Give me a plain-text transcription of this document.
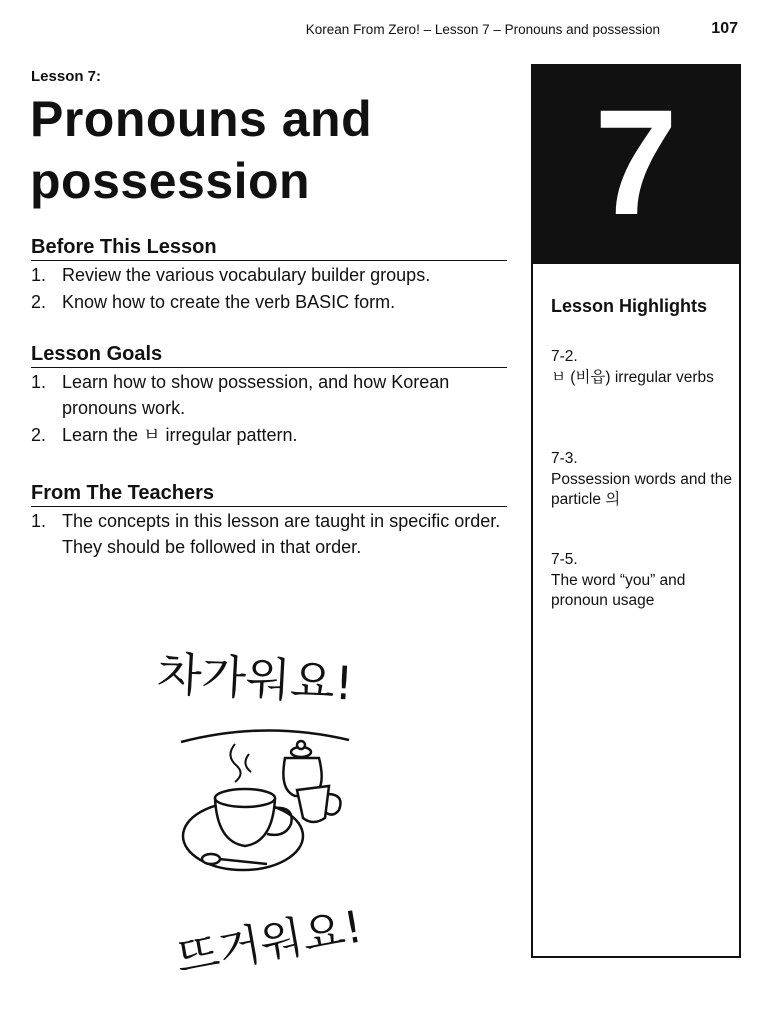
Korean From Zero! – Lesson 7 – Pronouns and possession	107
Lesson 7:
Pronouns and
possession
Before This Lesson
1. Review the various vocabulary builder groups.
2. Know how to create the verb BASIC form.
Lesson Goals
1. Learn how to show possession, and how Korean pronouns work.
2. Learn the ㅂ irregular pattern.
From The Teachers
1. The concepts in this lesson are taught in specific order. They should be followed in that order.
7
Lesson Highlights
7-2.
ㅂ (비읍) irregular verbs
7-3.
Possession words and the particle 의
7-5.
The word “you” and pronoun usage
차가워요!
뜨거워요!
